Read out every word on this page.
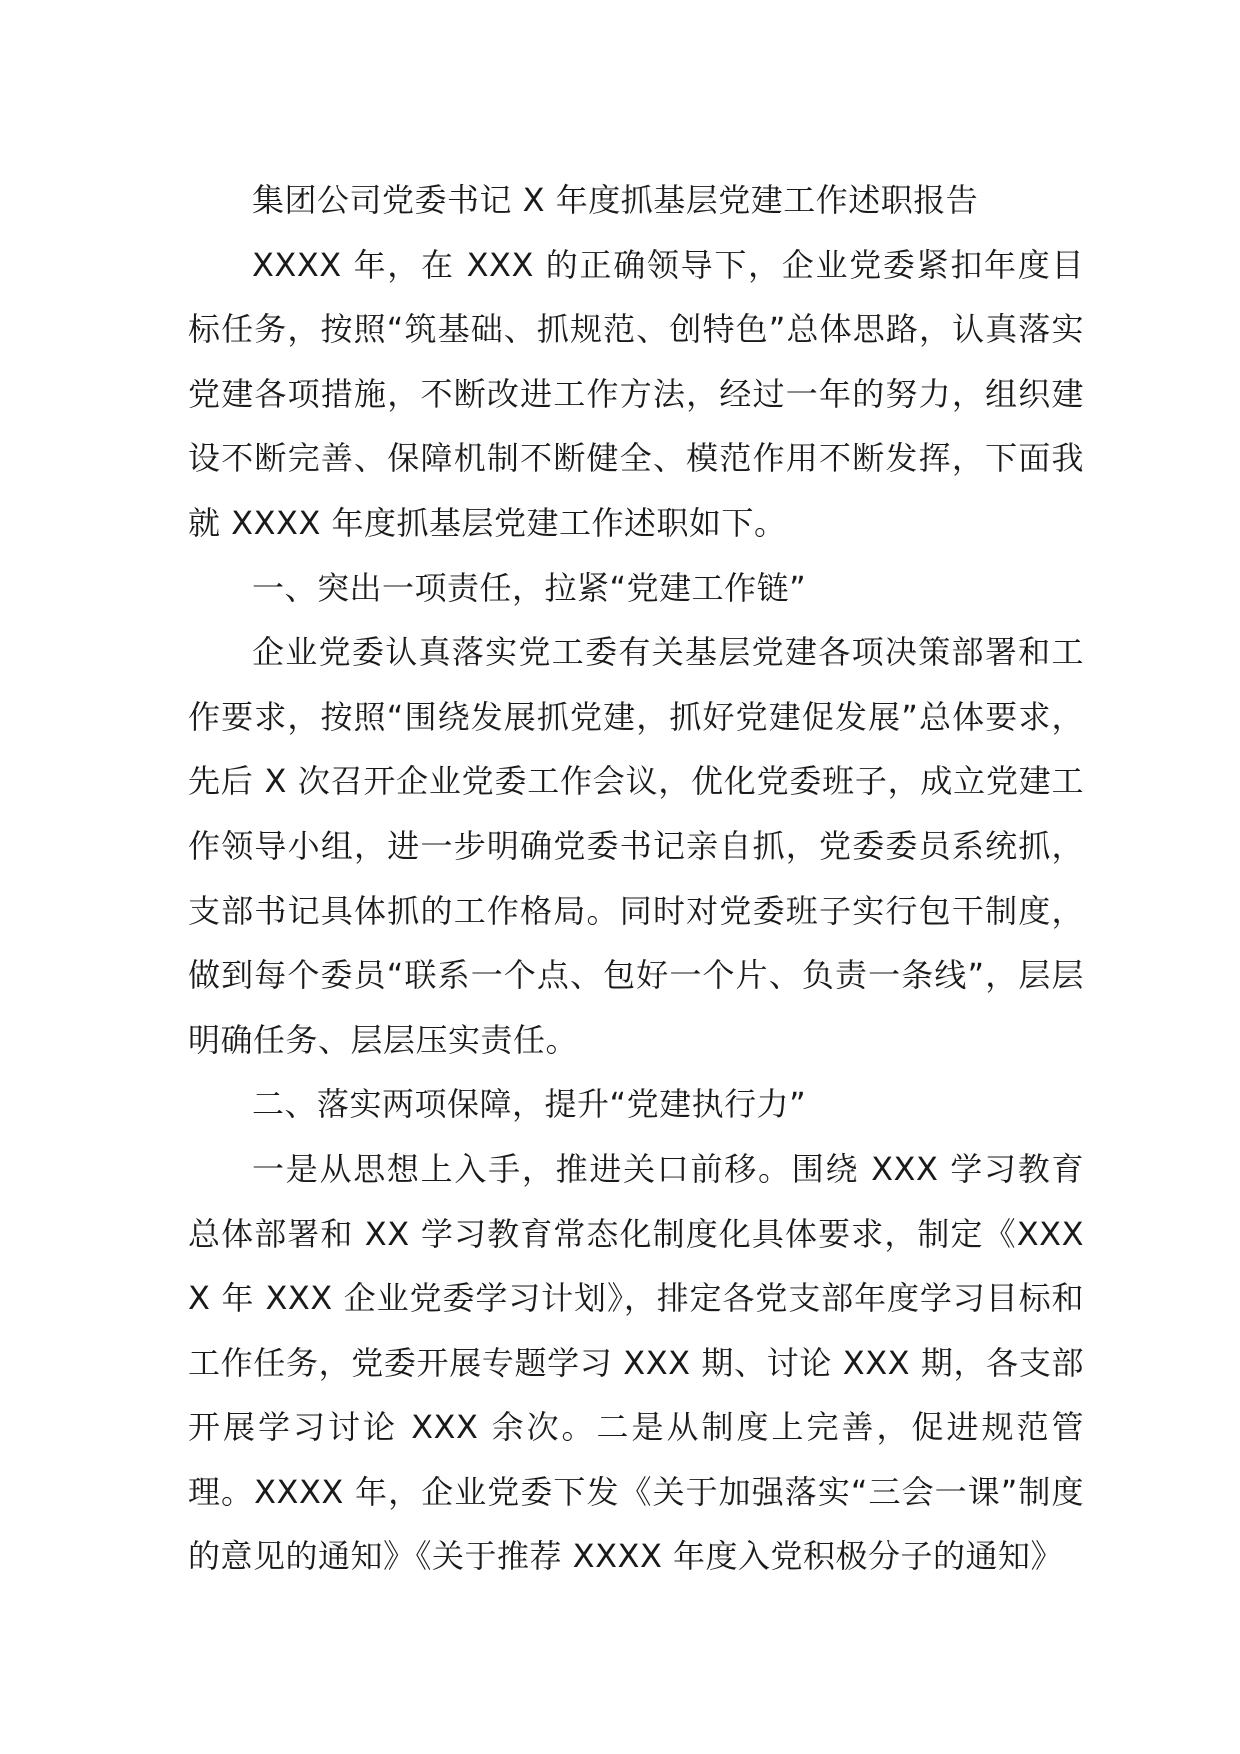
集团公司党委书记 X 年度抓基层党建工作述职报告

XXXX 年，在 XXX 的正确领导下，企业党委紧扣年度目标任务，按照“筑基础、抓规范、创特色”总体思路，认真落实党建各项措施，不断改进工作方法，经过一年的努力，组织建设不断完善、保障机制不断健全、模范作用不断发挥，下面我就 XXXX 年度抓基层党建工作述职如下。

一、突出一项责任，拉紧“党建工作链”

企业党委认真落实党工委有关基层党建各项决策部署和工作要求，按照“围绕发展抓党建，抓好党建促发展”总体要求，先后 X 次召开企业党委工作会议，优化党委班子，成立党建工作领导小组，进一步明确党委书记亲自抓，党委委员系统抓，支部书记具体抓的工作格局。同时对党委班子实行包干制度，做到每个委员“联系一个点、包好一个片、负责一条线”，层层明确任务、层层压实责任。

二、落实两项保障，提升“党建执行力”

一是从思想上入手，推进关口前移。围绕 XXX 学习教育总体部署和 XX 学习教育常态化制度化具体要求，制定《XXXX 年 XXX 企业党委学习计划》，排定各党支部年度学习目标和工作任务，党委开展专题学习 XXX 期、讨论 XXX 期，各支部开展学习讨论 XXX 余次。二是从制度上完善，促进规范管理。XXXX 年，企业党委下发《关于加强落实“三会一课”制度的意见的通知》《关于推荐 XXXX 年度入党积极分子的通知》
